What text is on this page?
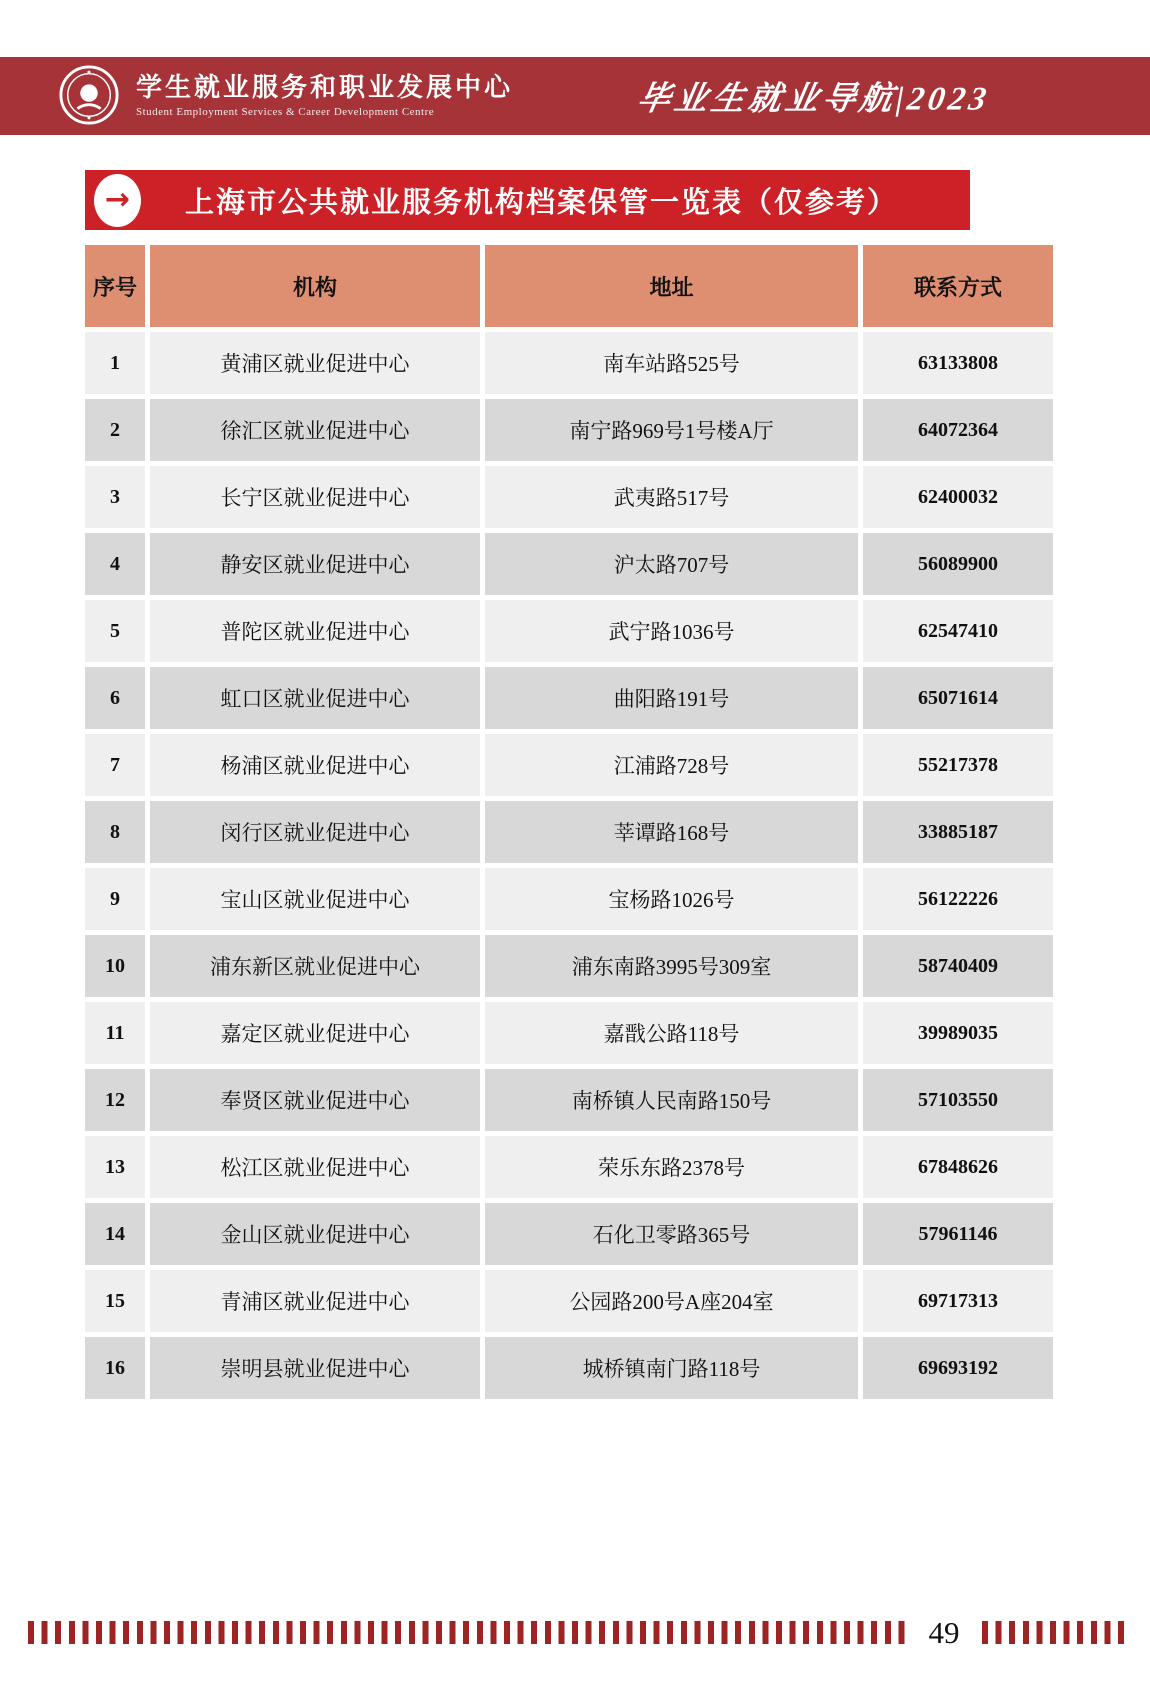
学生就业服务和职业发展中心
Student Employment Services & Career Development Centre	毕业生就业导航|2023
→ 上海市公共就业服务机构档案保管一览表（仅参考）
序号	机构	地址	联系方式
1	黄浦区就业促进中心	南车站路525号	63133808
2	徐汇区就业促进中心	南宁路969号1号楼A厅	64072364
3	长宁区就业促进中心	武夷路517号	62400032
4	静安区就业促进中心	沪太路707号	56089900
5	普陀区就业促进中心	武宁路1036号	62547410
6	虹口区就业促进中心	曲阳路191号	65071614
7	杨浦区就业促进中心	江浦路728号	55217378
8	闵行区就业促进中心	莘谭路168号	33885187
9	宝山区就业促进中心	宝杨路1026号	56122226
10	浦东新区就业促进中心	浦东南路3995号309室	58740409
11	嘉定区就业促进中心	嘉戬公路118号	39989035
12	奉贤区就业促进中心	南桥镇人民南路150号	57103550
13	松江区就业促进中心	荣乐东路2378号	67848626
14	金山区就业促进中心	石化卫零路365号	57961146
15	青浦区就业促进中心	公园路200号A座204室	69717313
16	崇明县就业促进中心	城桥镇南门路118号	69693192
49
